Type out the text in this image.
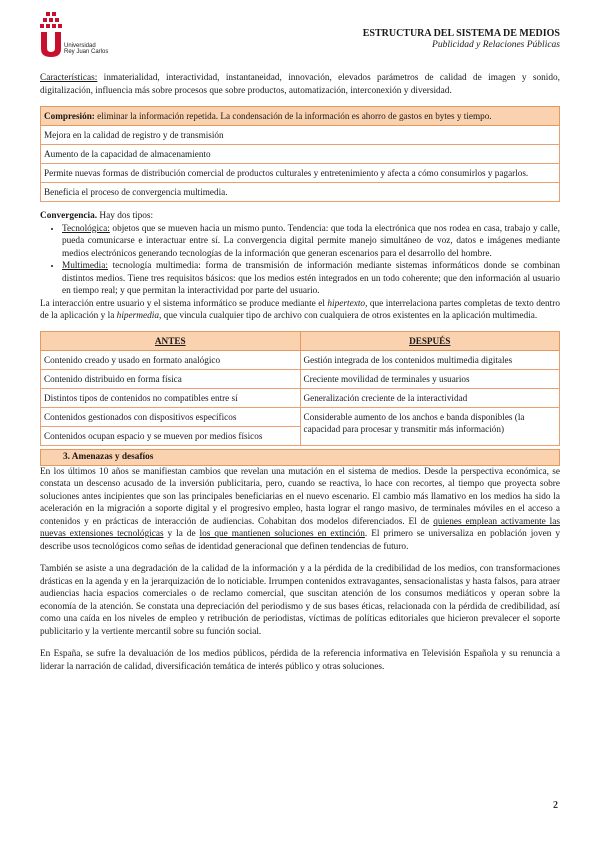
Universidad
Rey Juan Carlos
ESTRUCTURA DEL SISTEMA DE MEDIOS
Publicidad y Relaciones Públicas

Características: inmaterialidad, interactividad, instantaneidad, innovación, elevados parámetros de calidad de imagen y sonido, digitalización, influencia más sobre procesos que sobre productos, automatización, interconexión y diversidad.

Compresión: eliminar la información repetida. La condensación de la información es ahorro de gastos en bytes y tiempo.
Mejora en la calidad de registro y de transmisión
Aumento de la capacidad de almacenamiento
Permite nuevas formas de distribución comercial de productos culturales y entretenimiento y afecta a cómo consumirlos y pagarlos.
Beneficia el proceso de convergencia multimedia.

Convergencia. Hay dos tipos:

• Tecnológica: objetos que se mueven hacia un mismo punto. Tendencia: que toda la electrónica que nos rodea en casa, trabajo y calle, pueda comunicarse e interactuar entre sí. La convergencia digital permite manejo simultáneo de voz, datos e imágenes mediante medios electrónicos generando tecnologías de la información que generan escenarios para el desarrollo del hombre.
• Multimedia: tecnología multimedia: forma de transmisión de información mediante sistemas informáticos donde se combinan distintos medios. Tiene tres requisitos básicos: que los medios estén integrados en un todo coherente; que den información al usuario en tiempo real; y que permitan la interactividad por parte del usuario.

La interacción entre usuario y el sistema informático se produce mediante el hipertexto, que interrelaciona partes completas de texto dentro de la aplicación y la hipermedia, que vincula cualquier tipo de archivo con cualquiera de otros existentes en la aplicación multimedia.

ANTES	DESPUÉS
Contenido creado y usado en formato analógico	Gestión integrada de los contenidos multimedia digitales
Contenido distribuido en forma física	Creciente movilidad de terminales y usuarios
Distintos tipos de contenidos no compatibles entre sí	Generalización creciente de la interactividad
Contenidos gestionados con dispositivos específicos	Considerable aumento de los anchos e banda disponibles (la capacidad para procesar y transmitir más información)
Contenidos ocupan espacio y se mueven por medios físicos	
3. Amenazas y desafíos

En los últimos 10 años se manifiestan cambios que revelan una mutación en el sistema de medios. Desde la perspectiva económica, se constata un descenso acusado de la inversión publicitaria, pero, cuando se reactiva, lo hace con recortes, al tiempo que proyecta sobre soluciones antes incipientes que son las principales beneficiarias en el nuevo escenario. El cambio más llamativo en los medios ha sido la aceleración en la migración a soporte digital y el progresivo empleo, hasta lograr el rango masivo, de terminales móviles en el acceso a contenidos y en prácticas de interacción de audiencias. Cohabitan dos modelos diferenciados. El de quienes emplean activamente las nuevas extensiones tecnológicas y la de los que mantienen soluciones en extinción. El primero se universaliza en población joven y describe usos tecnológicos como señas de identidad generacional que definen tendencias de futuro.

También se asiste a una degradación de la calidad de la información y a la pérdida de la credibilidad de los medios, con transformaciones drásticas en la agenda y en la jerarquización de lo noticiable. Irrumpen contenidos extravagantes, sensacionalistas y hasta falsos, para atraer audiencias hacia espacios comerciales o de reclamo comercial, que suscitan atención de los consumos mediáticos y operan sobre la economía de la atención. Se constata una depreciación del periodismo y de sus bases éticas, relacionada con la pérdida de credibilidad, así como una caída en los niveles de empleo y retribución de periodistas, víctimas de políticas editoriales que hicieron prevalecer el soporte publicitario y la vertiente mercantil sobre su función social.

En España, se sufre la devaluación de los medios públicos, pérdida de la referencia informativa en Televisión Española y su renuncia a liderar la narración de calidad, diversificación temática de interés público y otras soluciones.

2
